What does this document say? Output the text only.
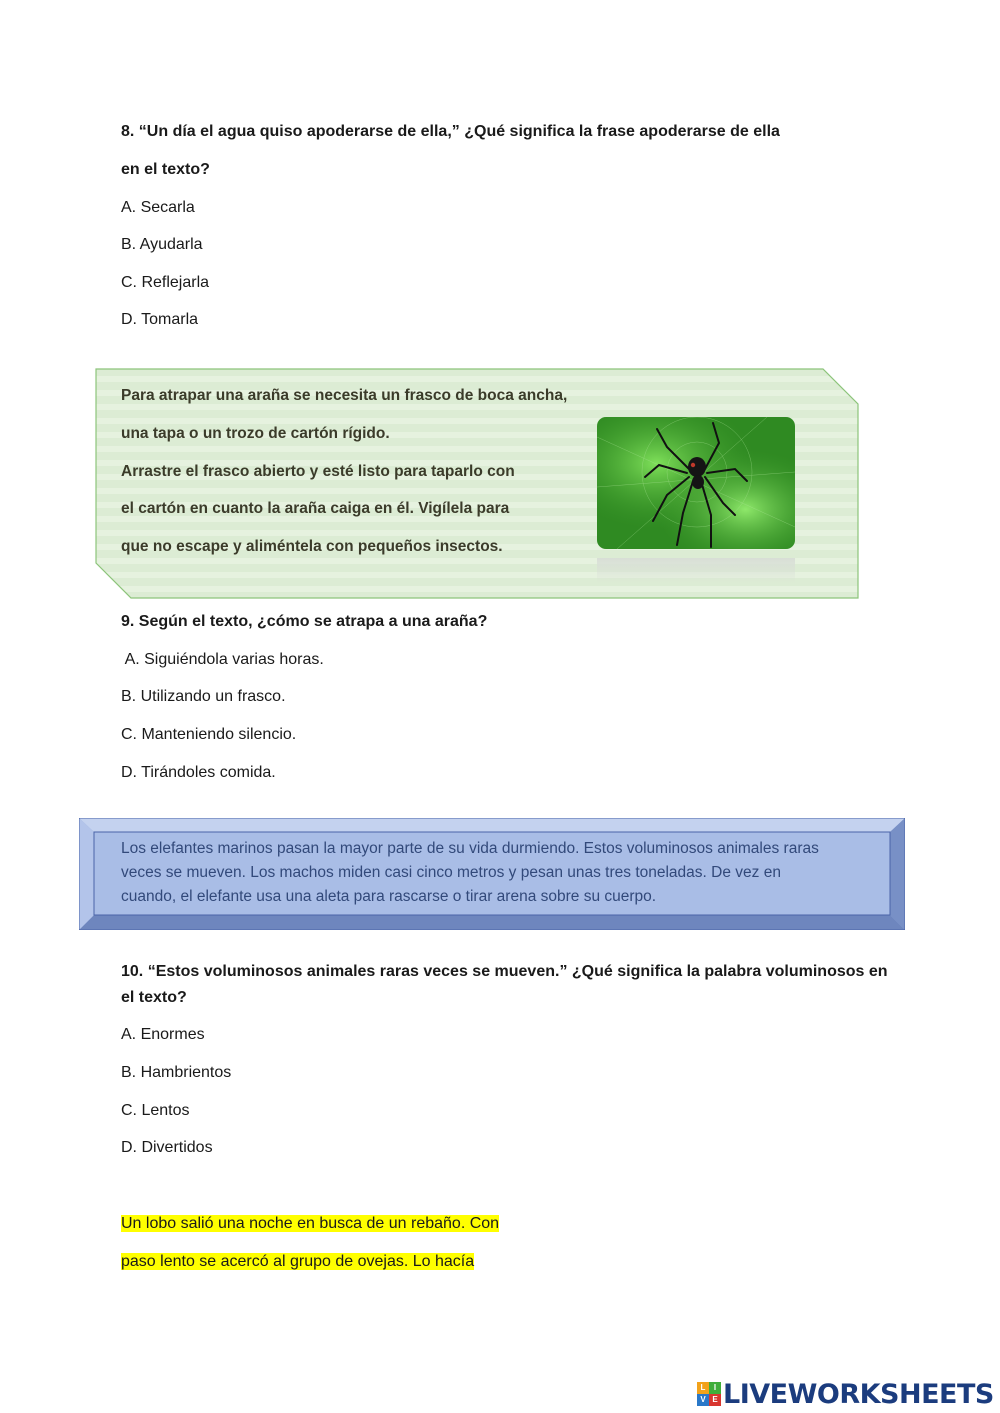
8. “Un día el agua quiso apoderarse de ella,” ¿Qué significa la frase apoderarse de ella
en el texto?
A. Secarla
B. Ayudarla
C. Reflejarla
D. Tomarla
Para atrapar una araña se necesita un frasco de boca ancha,
una tapa o un trozo de cartón rígido.
Arrastre el frasco abierto y esté listo para taparlo con
el cartón en cuanto la araña caiga en él. Vigílela para
que no escape y aliméntela con pequeños insectos.
9. Según el texto, ¿cómo se atrapa a una araña?
A. Siguiéndola varias horas.
B. Utilizando un frasco.
C. Manteniendo silencio.
D. Tirándoles comida.
Los elefantes marinos pasan la mayor parte de su vida durmiendo. Estos voluminosos animales raras
veces se mueven. Los machos miden casi cinco metros y pesan unas tres toneladas. De vez en
cuando, el elefante usa una aleta para rascarse o tirar arena sobre su cuerpo.
10. “Estos voluminosos animales raras veces se mueven.” ¿Qué significa la palabra voluminosos en
el texto?
A. Enormes
B. Hambrientos
C. Lentos
D. Divertidos
Un lobo salió una noche en busca de un rebaño. Con
paso lento se acercó al grupo de ovejas. Lo hacía
L	I
V E LIVEWORKSHEETS
